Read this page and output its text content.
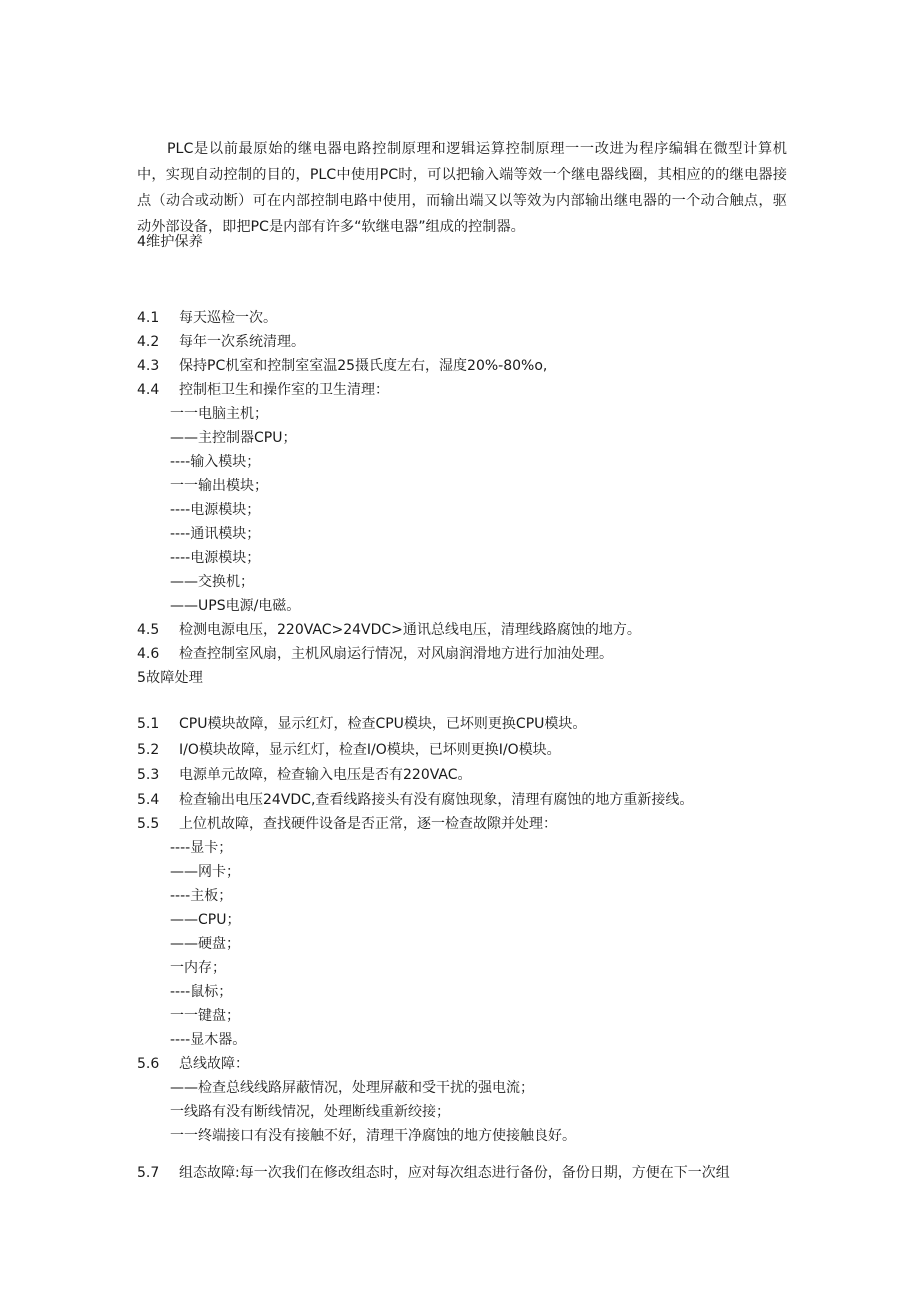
PLC是以前最原始的继电器电路控制原理和逻辑运算控制原理一一改进为程序编辑在微型计算机中，实现自动控制的目的，PLC中使用PC时，可以把输入端等效一个继电器线圈，其相应的的继电器接点（动合或动断）可在内部控制电路中使用，而输出端又以等效为内部输出继电器的一个动合触点，驱动外部设备，即把PC是内部有许多“软继电器”组成的控制器。

4维护保养

4.1 每天巡检一次。
4.2 每年一次系统清理。
4.3 保持PC机室和控制室室温25摄氏度左右，湿度20%-80%o,
4.4 控制柜卫生和操作室的卫生清理：
一一电脑主机；
——主控制器CPU；
----输入模块；
一一输出模块；
----电源模块；
----通讯模块；
----电源模块；
——交换机；
——UPS电源/电磁。
4.5 检测电源电压，220VAC>24VDC>通讯总线电压，清理线路腐蚀的地方。
4.6 检查控制室风扇，主机风扇运行情况，对风扇润滑地方进行加油处理。

5故障处理

5.1 CPU模块故障，显示红灯，检查CPU模块，已坏则更换CPU模块。
5.2 I/O模块故障，显示红灯，检查I/O模块，已坏则更换I/O模块。
5.3 电源单元故障，检查输入电压是否有220VAC。
5.4 检查输出电压24VDC,查看线路接头有没有腐蚀现象，清理有腐蚀的地方重新接线。
5.5 上位机故障，查找硬件设备是否正常，逐一检查故隙并处理：
----显卡；
——网卡；
----主板；
——CPU；
——硬盘；
一内存；
----鼠标；
一一键盘；
----显木器。
5.6 总线故障：
——检查总线线路屏蔽情况，处理屏蔽和受干扰的强电流；
一线路有没有断线情况，处理断线重新绞接；
一一终端接口有没有接触不好，清理干净腐蚀的地方使接触良好。
5.7 组态故障:每一次我们在修改组态时，应对每次组态进行备份，备份日期，方便在下一次组
